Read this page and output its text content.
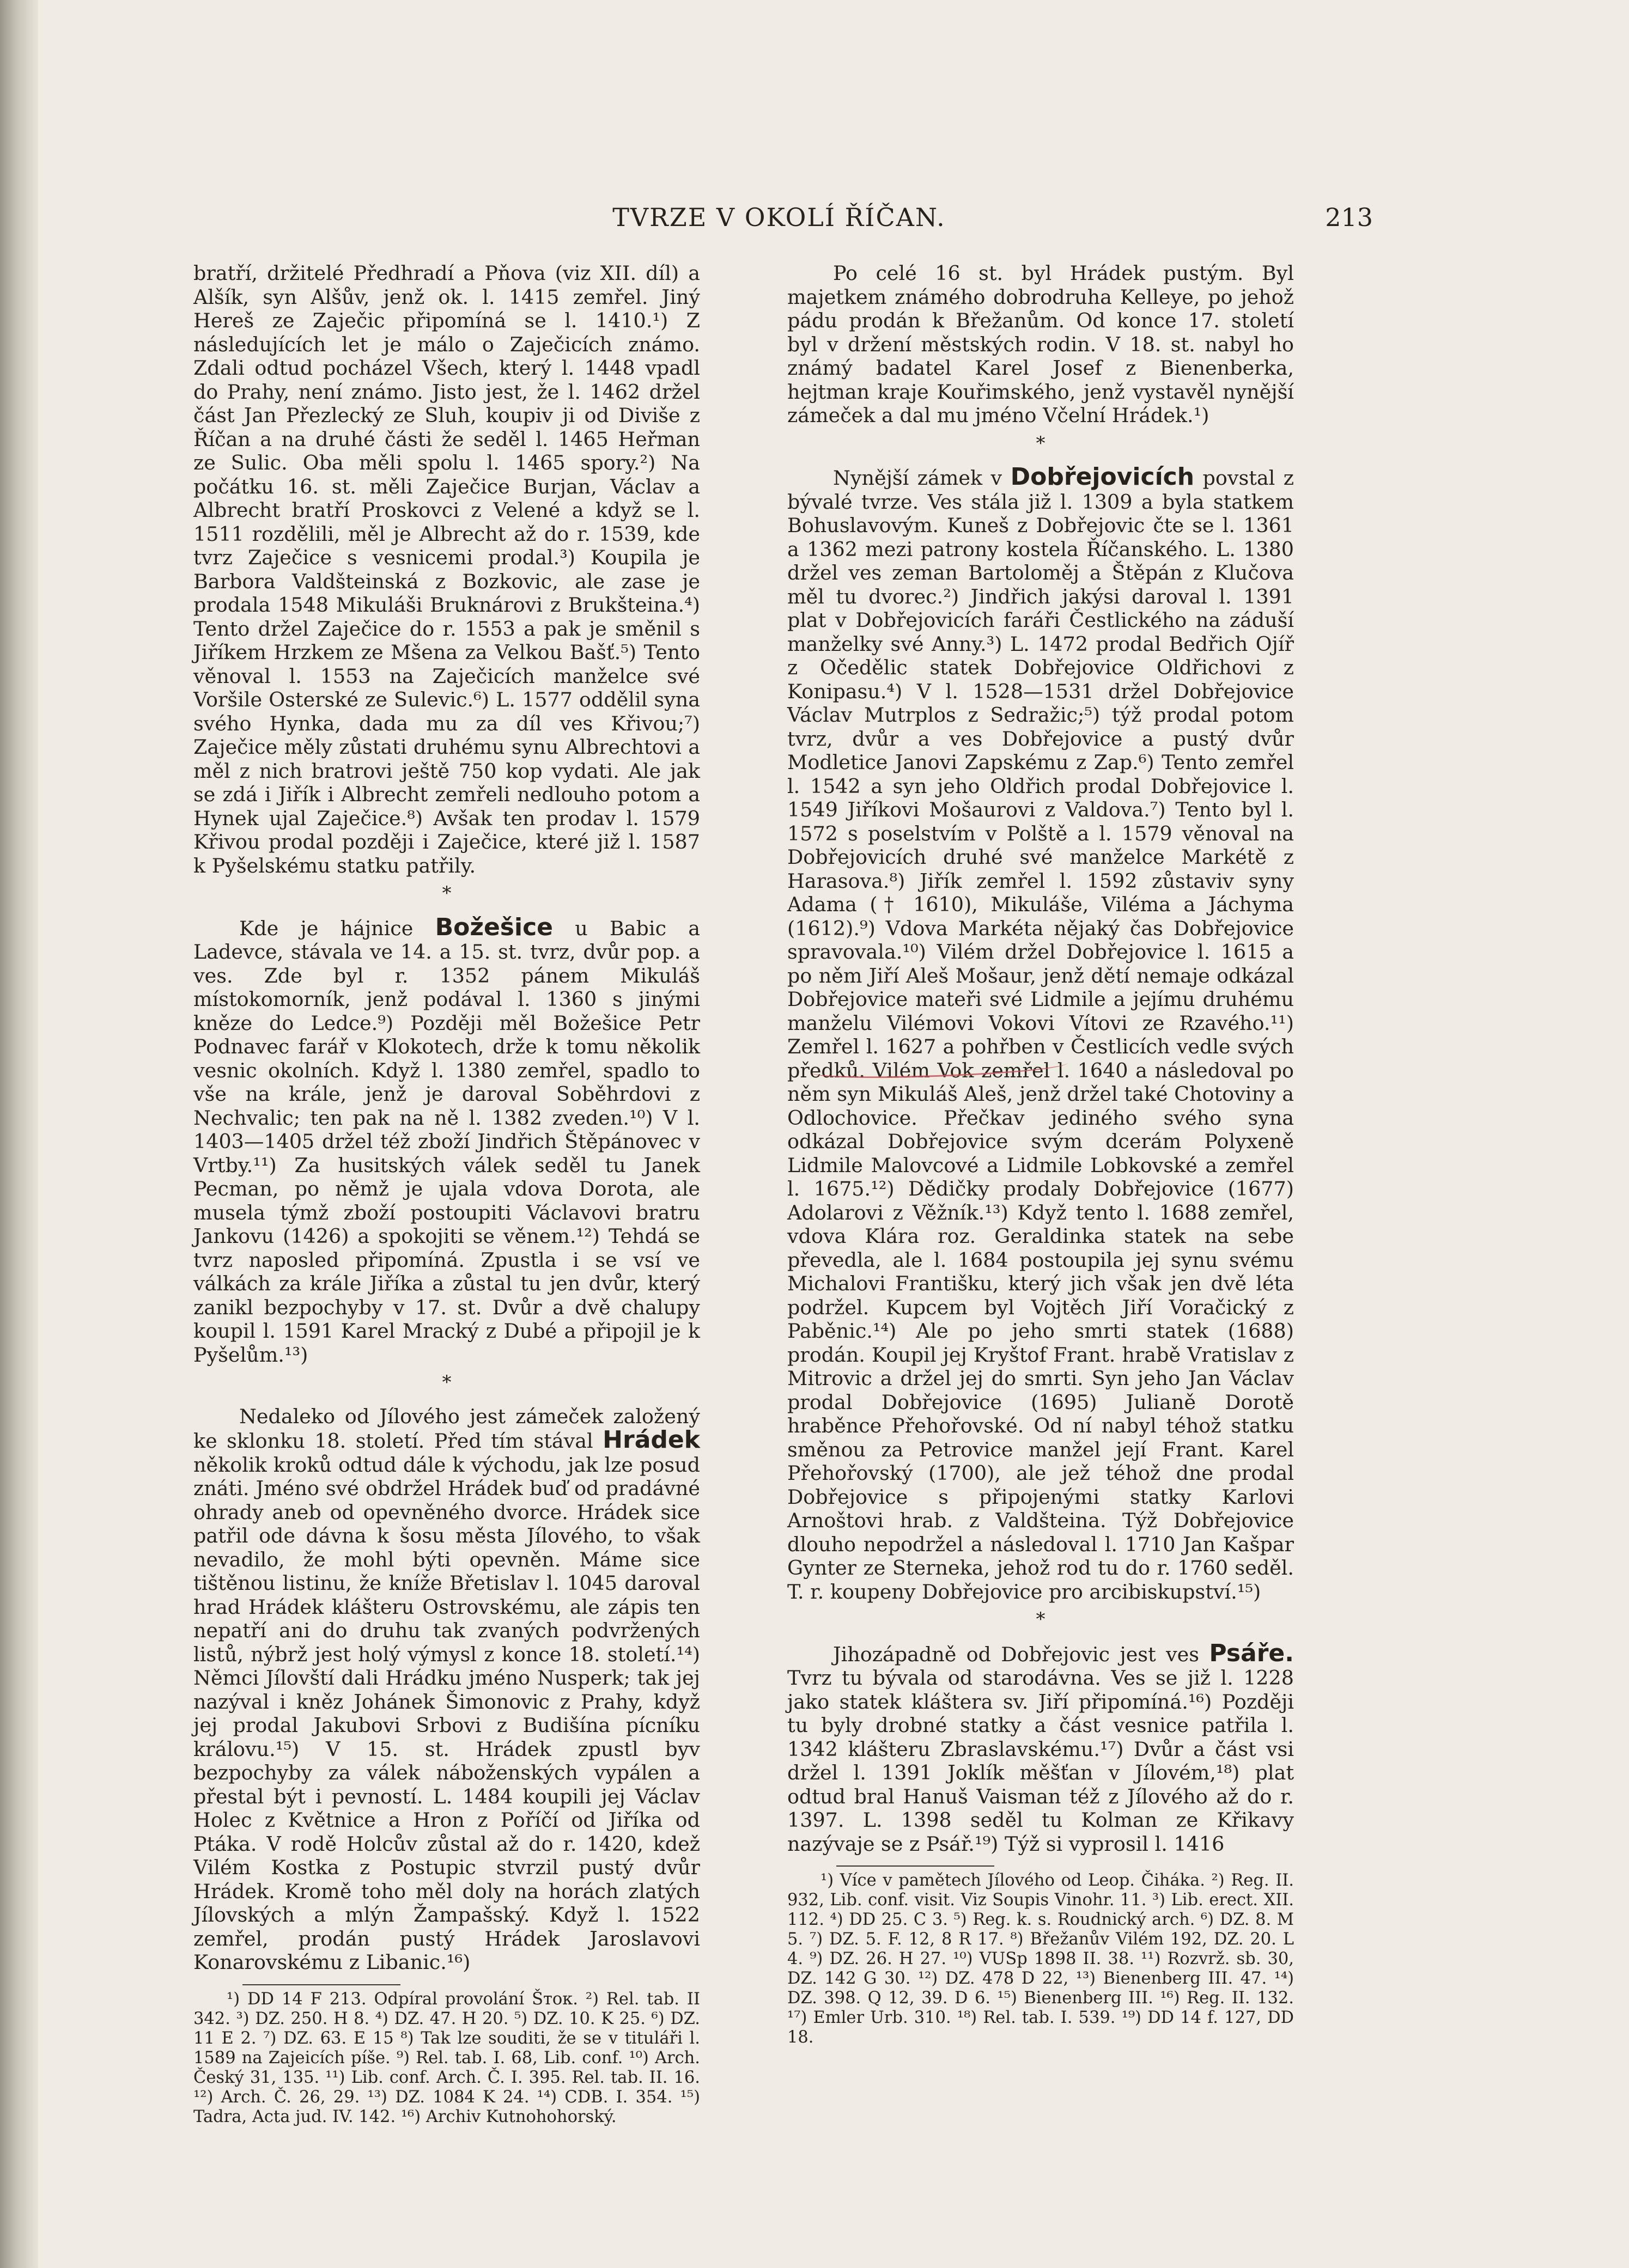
TVRZE V OKOLÍ ŘÍČAN.	213

bratří, držitelé Předhradí a Pňova (viz XII. díl) a Alšík, syn Alšův, jenž ok. l. 1415 zemřel. Jiný Hereš ze Zaječic připomíná se l. 1410.¹) Z následujících let je málo o Zaječicích známo. Zdali odtud pocházel Všech, který l. 1448 vpadl do Prahy, není známo. Jisto jest, že l. 1462 držel část Jan Přezlecký ze Sluh, koupiv ji od Diviše z Říčan a na druhé části že seděl l. 1465 Heřman ze Sulic. Oba měli spolu l. 1465 spory.²) Na počátku 16. st. měli Zaječice Burjan, Václav a Albrecht bratří Proskovci z Velené a když se l. 1511 rozdělili, měl je Albrecht až do r. 1539, kde tvrz Zaječice s vesnicemi prodal.³) Koupila je Barbora Valdšteinská z Bozkovic, ale zase je prodala 1548 Mikuláši Bruknárovi z Brukšteina.⁴) Tento držel Zaječice do r. 1553 a pak je směnil s Jiříkem Hrzkem ze Mšena za Velkou Bašť.⁵) Tento věnoval l. 1553 na Zaječicích manželce své Voršile Osterské ze Sulevic.⁶) L. 1577 oddělil syna svého Hynka, dada mu za díl ves Křivou;⁷) Zaječice měly zůstati druhému synu Albrechtovi a měl z nich bratrovi ještě 750 kop vydati. Ale jak se zdá i Jiřík i Albrecht zemřeli nedlouho potom a Hynek ujal Zaječice.⁸) Avšak ten prodav l. 1579 Křivou prodal později i Zaječice, které již l. 1587 k Pyšelskému statku patřily.

*

Kde je hájnice Božešice u Babic a Ladevce, stávala ve 14. a 15. st. tvrz, dvůr pop. a ves. Zde byl r. 1352 pánem Mikuláš místokomorník, jenž podával l. 1360 s jinými kněze do Ledce.⁹) Později měl Božešice Petr Podnavec farář v Klokotech, drže k tomu několik vesnic okolních. Když l. 1380 zemřel, spadlo to vše na krále, jenž je daroval Soběhrdovi z Nechvalic; ten pak na ně l. 1382 zveden.¹⁰) V l. 1403—1405 držel též zboží Jindřich Štěpánovec v Vrtby.¹¹) Za husitských válek seděl tu Janek Pecman, po němž je ujala vdova Dorota, ale musela týmž zboží postoupiti Václavovi bratru Jankovu (1426) a spokojiti se věnem.¹²) Tehdá se tvrz naposled připomíná. Zpustla i se vsí ve válkách za krále Jiříka a zůstal tu jen dvůr, který zanikl bezpochyby v 17. st. Dvůr a dvě chalupy koupil l. 1591 Karel Mracký z Dubé a připojil je k Pyšelům.¹³)

*

Nedaleko od Jílového jest zámeček založený ke sklonku 18. století. Před tím stával Hrádek několik kroků odtud dále k východu, jak lze posud znáti. Jméno své obdržel Hrádek buď od pradávné ohrady aneb od opevněného dvorce. Hrádek sice patřil ode dávna k šosu města Jílového, to však nevadilo, že mohl býti opevněn. Máme sice tištěnou listinu, že kníže Břetislav l. 1045 daroval hrad Hrádek klášteru Ostrovskému, ale zápis ten nepatří ani do druhu tak zvaných podvržených listů, nýbrž jest holý výmysl z konce 18. století.¹⁴) Němci Jílovští dali Hrádku jméno Nusperk; tak jej nazýval i kněz Johánek Šimonovic z Prahy, když jej prodal Jakubovi Srbovi z Budišína pícníku královu.¹⁵) V 15. st. Hrádek zpustl byv bezpochyby za válek náboženských vypálen a přestal být i pevností. L. 1484 koupili jej Václav Holec z Květnice a Hron z Poříčí od Jiříka od Ptáka. V rodě Holcův zůstal až do r. 1420, kdež Vilém Kostka z Postupic stvrzil pustý dvůr Hrádek. Kromě toho měl doly na horách zlatých Jílovských a mlýn Žampašský. Když l. 1522 zemřel, prodán pustý Hrádek Jaroslavovi Konarovskému z Libanic.¹⁶)

¹) DD 14 F 213. Odpíral provolání Šток. ²) Rel. tab. II 342. ³) DZ. 250. H 8. ⁴) DZ. 47. H 20. ⁵) DZ. 10. K 25. ⁶) DZ. 11 E 2. ⁷) DZ. 63. E 15 ⁸) Tak lze souditi, že se v tituláři l. 1589 na Zajeicích píše. ⁹) Rel. tab. I. 68, Lib. conf. ¹⁰) Arch. Český 31, 135. ¹¹) Lib. conf. Arch. Č. I. 395. Rel. tab. II. 16. ¹²) Arch. Č. 26, 29. ¹³) DZ. 1084 K 24. ¹⁴) CDB. I. 354. ¹⁵) Tadra, Acta jud. IV. 142. ¹⁶) Archiv Kutnohohorský.

Po celé 16 st. byl Hrádek pustým. Byl majetkem známého dobrodruha Kelleye, po jehož pádu prodán k Břežanům. Od konce 17. století byl v držení městských rodin. V 18. st. nabyl ho známý badatel Karel Josef z Bienenberka, hejtman kraje Kouřimského, jenž vystavěl nynější zámeček a dal mu jméno Včelní Hrádek.¹)

*

Nynější zámek v Dobřejovicích povstal z bývalé tvrze. Ves stála již l. 1309 a byla statkem Bohuslavovým. Kuneš z Dobřejovic čte se l. 1361 a 1362 mezi patrony kostela Říčanského. L. 1380 držel ves zeman Bartoloměj a Štěpán z Klučova měl tu dvorec.²) Jindřich jakýsi daroval l. 1391 plat v Dobřejovicích faráři Čestlického na záduší manželky své Anny.³) L. 1472 prodal Bedřich Ojíř z Očedělic statek Dobřejovice Oldřichovi z Konipasu.⁴) V l. 1528—1531 držel Dobřejovice Václav Mutrplos z Sedražic;⁵) týž prodal potom tvrz, dvůr a ves Dobřejovice a pustý dvůr Modletice Janovi Zapskému z Zap.⁶) Tento zemřel l. 1542 a syn jeho Oldřich prodal Dobřejovice l. 1549 Jiříkovi Mošaurovi z Valdova.⁷) Tento byl l. 1572 s poselstvím v Polště a l. 1579 věnoval na Dobřejovicích druhé své manželce Markétě z Harasova.⁸) Jiřík zemřel l. 1592 zůstaviv syny Adama († 1610), Mikuláše, Viléma a Jáchyma (1612).⁹) Vdova Markéta nějaký čas Dobřejovice spravovala.¹⁰) Vilém držel Dobřejovice l. 1615 a po něm Jiří Aleš Mošaur, jenž dětí nemaje odkázal Dobřejovice mateři své Lidmile a jejímu druhému manželu Vilémovi Vokovi Vítovi ze Rzavého.¹¹) Zemřel l. 1627 a pohřben v Čestlicích vedle svých předků. Vilém Vok zemřel l. 1640 a následoval po něm syn Mikuláš Aleš, jenž držel také Chotoviny a Odlochovice. Přečkav jediného svého syna odkázal Dobřejovice svým dcerám Polyxeně Lidmile Malovcové a Lidmile Lobkovské a zemřel l. 1675.¹²) Dědičky prodaly Dobřejovice (1677) Adolarovi z Věžník.¹³) Když tento l. 1688 zemřel, vdova Klára roz. Geraldinka statek na sebe převedla, ale l. 1684 postoupila jej synu svému Michalovi Františku, který jich však jen dvě léta podržel. Kupcem byl Vojtěch Jiří Voračický z Paběnic.¹⁴) Ale po jeho smrti statek (1688) prodán. Koupil jej Kryštof Frant. hrabě Vratislav z Mitrovic a držel jej do smrti. Syn jeho Jan Václav prodal Dobřejovice (1695) Julianě Dorotě hraběnce Přehořovské. Od ní nabyl téhož statku směnou za Petrovice manžel její Frant. Karel Přehořovský (1700), ale jež téhož dne prodal Dobřejovice s připojenými statky Karlovi Arnoštovi hrab. z Valdšteina. Týž Dobřejovice dlouho nepodržel a následoval l. 1710 Jan Kašpar Gynter ze Sterneka, jehož rod tu do r. 1760 seděl. T. r. koupeny Dobřejovice pro arcibiskupství.¹⁵)

*

Jihozápadně od Dobřejovic jest ves Psáře. Tvrz tu bývala od starodávna. Ves se již l. 1228 jako statek kláštera sv. Jiří připomíná.¹⁶) Později tu byly drobné statky a část vesnice patřila l. 1342 klášteru Zbraslavskému.¹⁷) Dvůr a část vsi držel l. 1391 Joklík měšťan v Jílovém,¹⁸) plat odtud bral Hanuš Vaisman též z Jílového až do r. 1397. L. 1398 seděl tu Kolman ze Křikavy nazývaje se z Psář.¹⁹) Týž si vyprosil l. 1416

¹) Více v pamětech Jílového od Leop. Čiháka. ²) Reg. II. 932, Lib. conf. visit. Viz Soupis Vinohr. 11. ³) Lib. erect. XII. 112. ⁴) DD 25. C 3. ⁵) Reg. k. s. Roudnický arch. ⁶) DZ. 8. M 5. ⁷) DZ. 5. F. 12, 8 R 17. ⁸) Břežanův Vilém 192, DZ. 20. L 4. ⁹) DZ. 26. H 27. ¹⁰) VUSp 1898 II. 38. ¹¹) Rozvrž. sb. 30, DZ. 142 G 30. ¹²) DZ. 478 D 22, ¹³) Bienenberg III. 47. ¹⁴) DZ. 398. Q 12, 39. D 6. ¹⁵) Bienenberg III. ¹⁶) Reg. II. 132. ¹⁷) Emler Urb. 310. ¹⁸) Rel. tab. I. 539. ¹⁹) DD 14 f. 127, DD 18.
